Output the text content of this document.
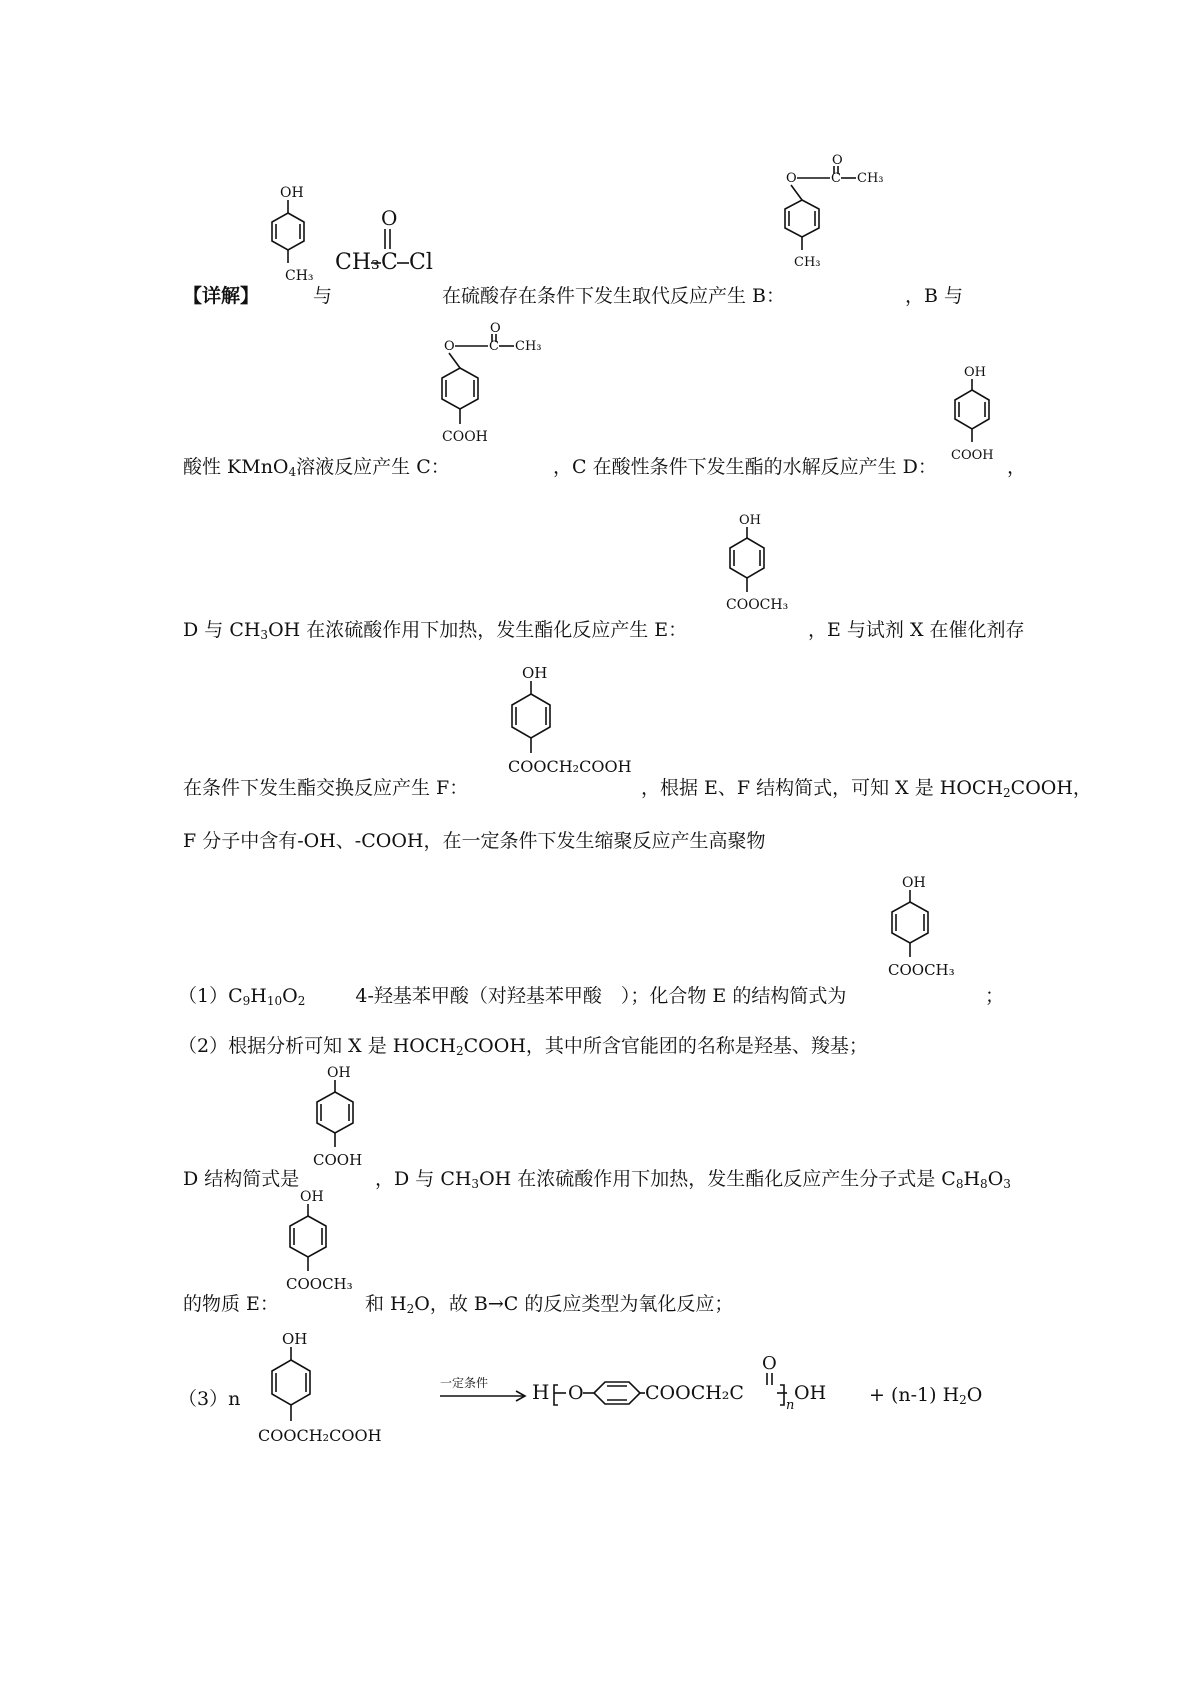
【详解】
OH
CH₃
与
O
CH₃ C Cl
在硫酸存在条件下发生取代反应产生 B：
O
O	C CH₃
CH₃
，B 与
酸性 KMnO$_4$溶液反应产生 C：
O
O	C CH₃
COOH
，C 在酸性条件下发生酯的水解反应产生 D：
OH
COOH
，
D 与 $CH_3OH$ 在浓硫酸作用下加热，发生酯化反应产生 E：
OH
COOCH₃
，E 与试剂 X 在催化剂存
在条件下发生酯交换反应产生 F：
OH
COOCH₂COOH
，根据 E、F 结构简式，可知 X 是 $HOCH_2COOH$，
F 分子中含有-OH、-COOH，在一定条件下发生缩聚反应产生高聚物
$(1)C_9H_{10}O_2$	4-羟基苯甲酸（对羟基苯甲酸　）；化合物 E 的结构简式为
OH
COOCH₃
；
（2）根据分析可知 X 是 $HOCH_2COOH$，其中所含官能团的名称是羟基、羧基；
D 结构简式是
OH
COOH
，D 与 $CH_3OH$ 在浓硫酸作用下加热，发生酯化反应产生分子式是 $C_8H_8O_3$
的物质 E：
OH
COOCH₃
和 $H_2O$，故 B→C 的反应类型为氧化反应；
（3）n
OH
COOCH₂COOH
一定条件 H O	COOCH₂C
O
n
OH + (n-1) $H_2O$
